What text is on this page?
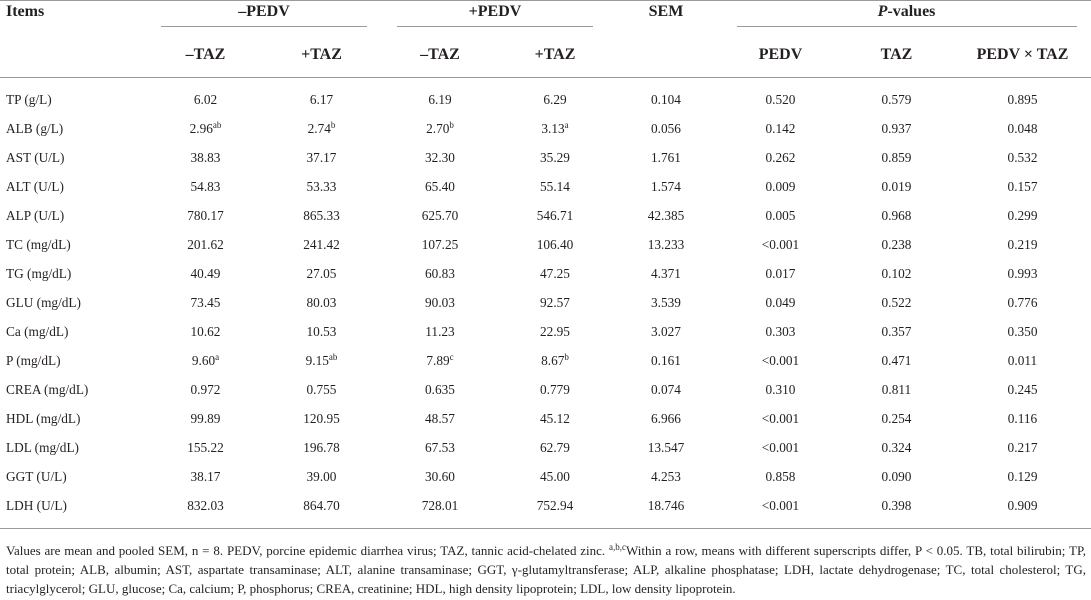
Items	–PEDV		+PEDV		SEM	P-values		
	–TAZ	+TAZ	–TAZ	+TAZ		PEDV	TAZ	PEDV × TAZ
TP (g/L)	6.02	6.17	6.19	6.29	0.104	0.520	0.579	0.895
ALB (g/L)	2.96$^{ab}$	2.74$^b$	2.70$^b$	3.13$^a$	0.056	0.142	0.937	0.048
AST (U/L)	38.83	37.17	32.30	35.29	1.761	0.262	0.859	0.532
ALT (U/L)	54.83	53.33	65.40	55.14	1.574	0.009	0.019	0.157
ALP (U/L)	780.17	865.33	625.70	546.71	42.385	0.005	0.968	0.299
TC (mg/dL)	201.62	241.42	107.25	106.40	13.233	<0.001	0.238	0.219
TG (mg/dL)	40.49	27.05	60.83	47.25	4.371	0.017	0.102	0.993
GLU (mg/dL)	73.45	80.03	90.03	92.57	3.539	0.049	0.522	0.776
Ca (mg/dL)	10.62	10.53	11.23	22.95	3.027	0.303	0.357	0.350
P (mg/dL)	9.60$^a$	9.15$^{ab}$	7.89$^c$	8.67$^b$	0.161	<0.001	0.471	0.011
CREA (mg/dL)	0.972	0.755	0.635	0.779	0.074	0.310	0.811	0.245
HDL (mg/dL)	99.89	120.95	48.57	45.12	6.966	<0.001	0.254	0.116
LDL (mg/dL)	155.22	196.78	67.53	62.79	13.547	<0.001	0.324	0.217
GGT (U/L)	38.17	39.00	30.60	45.00	4.253	0.858	0.090	0.129
LDH (U/L)	832.03	864.70	728.01	752.94	18.746	<0.001	0.398	0.909

Values are mean and pooled SEM, n = 8. PEDV, porcine epidemic diarrhea virus; TAZ, tannic acid-chelated zinc. $^{a,b,c}$Within a row, means with different superscripts differ, P < 0.05. TB, total bilirubin; TP, total protein; ALB, albumin; AST, aspartate transaminase; ALT, alanine transaminase; GGT, γ-glutamyltransferase; ALP, alkaline phosphatase; LDH, lactate dehydrogenase; TC, total cholesterol; TG, triacylglycerol; GLU, glucose; Ca, calcium; P, phosphorus; CREA, creatinine; HDL, high density lipoprotein; LDL, low density lipoprotein.
